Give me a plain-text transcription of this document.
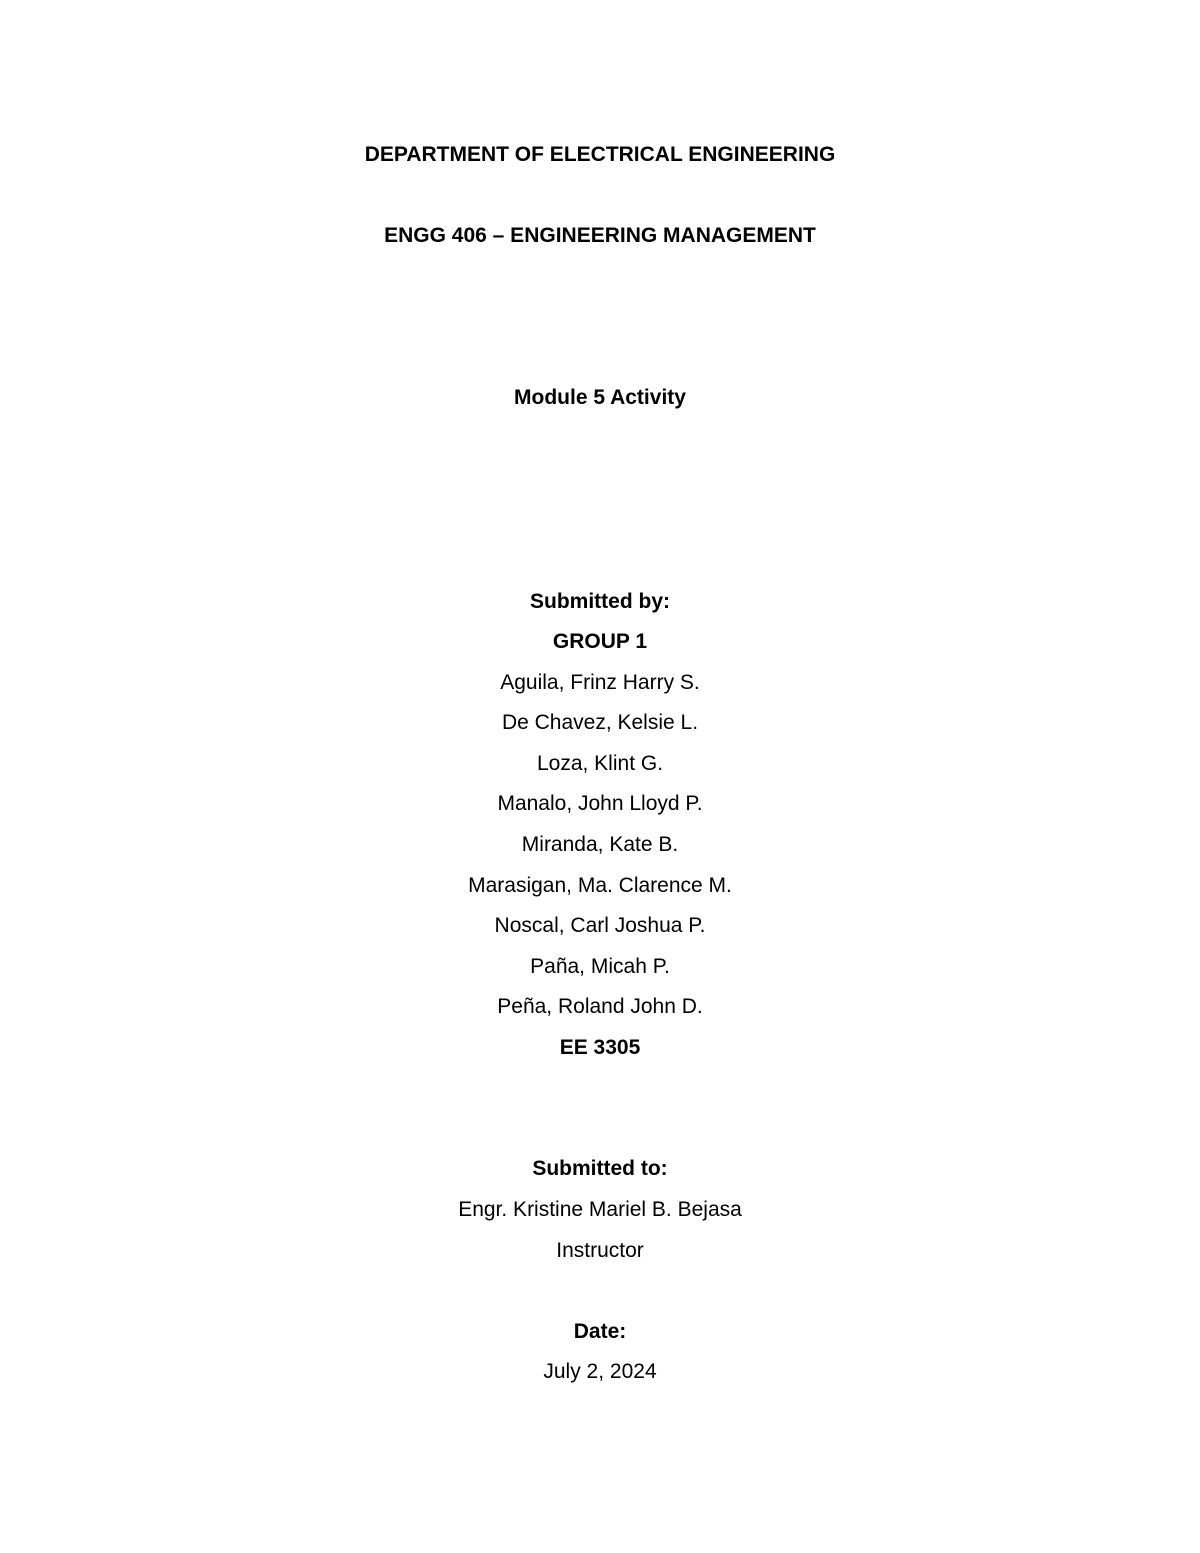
DEPARTMENT OF ELECTRICAL ENGINEERING
ENGG 406 – ENGINEERING MANAGEMENT
Module 5 Activity
Submitted by:
GROUP 1
Aguila, Frinz Harry S.
De Chavez, Kelsie L.
Loza, Klint G.
Manalo, John Lloyd P.
Miranda, Kate B.
Marasigan, Ma. Clarence M.
Noscal, Carl Joshua P.
Paña, Micah P.
Peña, Roland John D.
EE 3305
Submitted to:
Engr. Kristine Mariel B. Bejasa
Instructor
Date:
July 2, 2024
